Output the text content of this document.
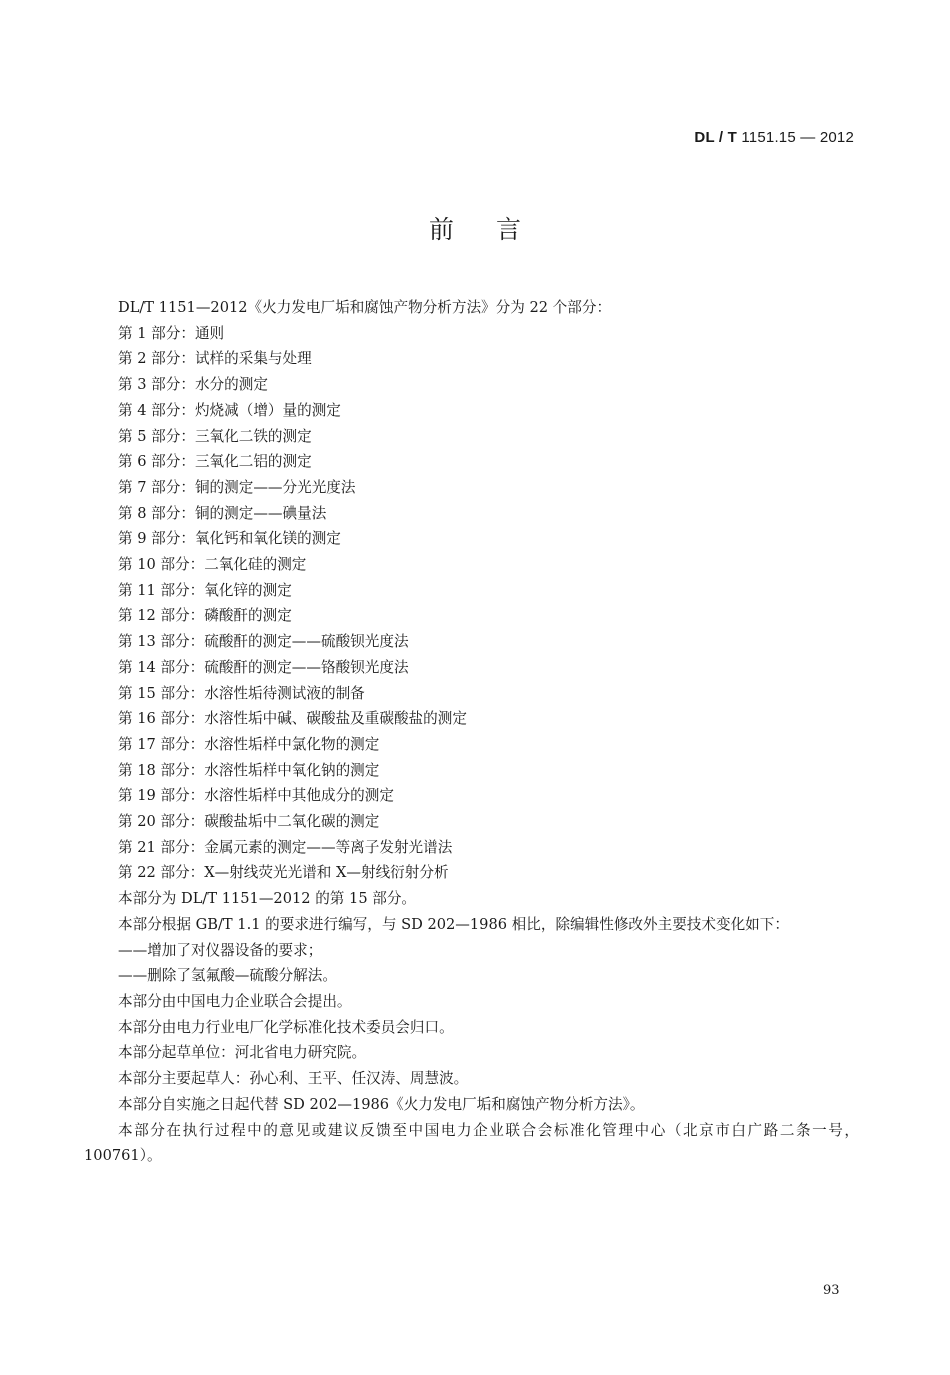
DL / T 1151.15 — 2012
前言

DL/T 1151—2012《火力发电厂垢和腐蚀产物分析方法》分为 22 个部分：

第 1 部分：通则

第 2 部分：试样的采集与处理

第 3 部分：水分的测定

第 4 部分：灼烧减（增）量的测定

第 5 部分：三氧化二铁的测定

第 6 部分：三氧化二铝的测定

第 7 部分：铜的测定——分光光度法

第 8 部分：铜的测定——碘量法

第 9 部分：氧化钙和氧化镁的测定

第 10 部分：二氧化硅的测定

第 11 部分：氧化锌的测定

第 12 部分：磷酸酐的测定

第 13 部分：硫酸酐的测定——硫酸钡光度法

第 14 部分：硫酸酐的测定——铬酸钡光度法

第 15 部分：水溶性垢待测试液的制备

第 16 部分：水溶性垢中碱、碳酸盐及重碳酸盐的测定

第 17 部分：水溶性垢样中氯化物的测定

第 18 部分：水溶性垢样中氧化钠的测定

第 19 部分：水溶性垢样中其他成分的测定

第 20 部分：碳酸盐垢中二氧化碳的测定

第 21 部分：金属元素的测定——等离子发射光谱法

第 22 部分：X—射线荧光光谱和 X—射线衍射分析

本部分为 DL/T 1151—2012 的第 15 部分。

本部分根据 GB/T 1.1 的要求进行编写，与 SD 202—1986 相比，除编辑性修改外主要技术变化如下：

——增加了对仪器设备的要求；

——删除了氢氟酸—硫酸分解法。

本部分由中国电力企业联合会提出。

本部分由电力行业电厂化学标准化技术委员会归口。

本部分起草单位：河北省电力研究院。

本部分主要起草人：孙心利、王平、任汉涛、周慧波。

本部分自实施之日起代替 SD 202—1986《火力发电厂垢和腐蚀产物分析方法》。

本部分在执行过程中的意见或建议反馈至中国电力企业联合会标准化管理中心（北京市白广路二条一号，100761）。

93
